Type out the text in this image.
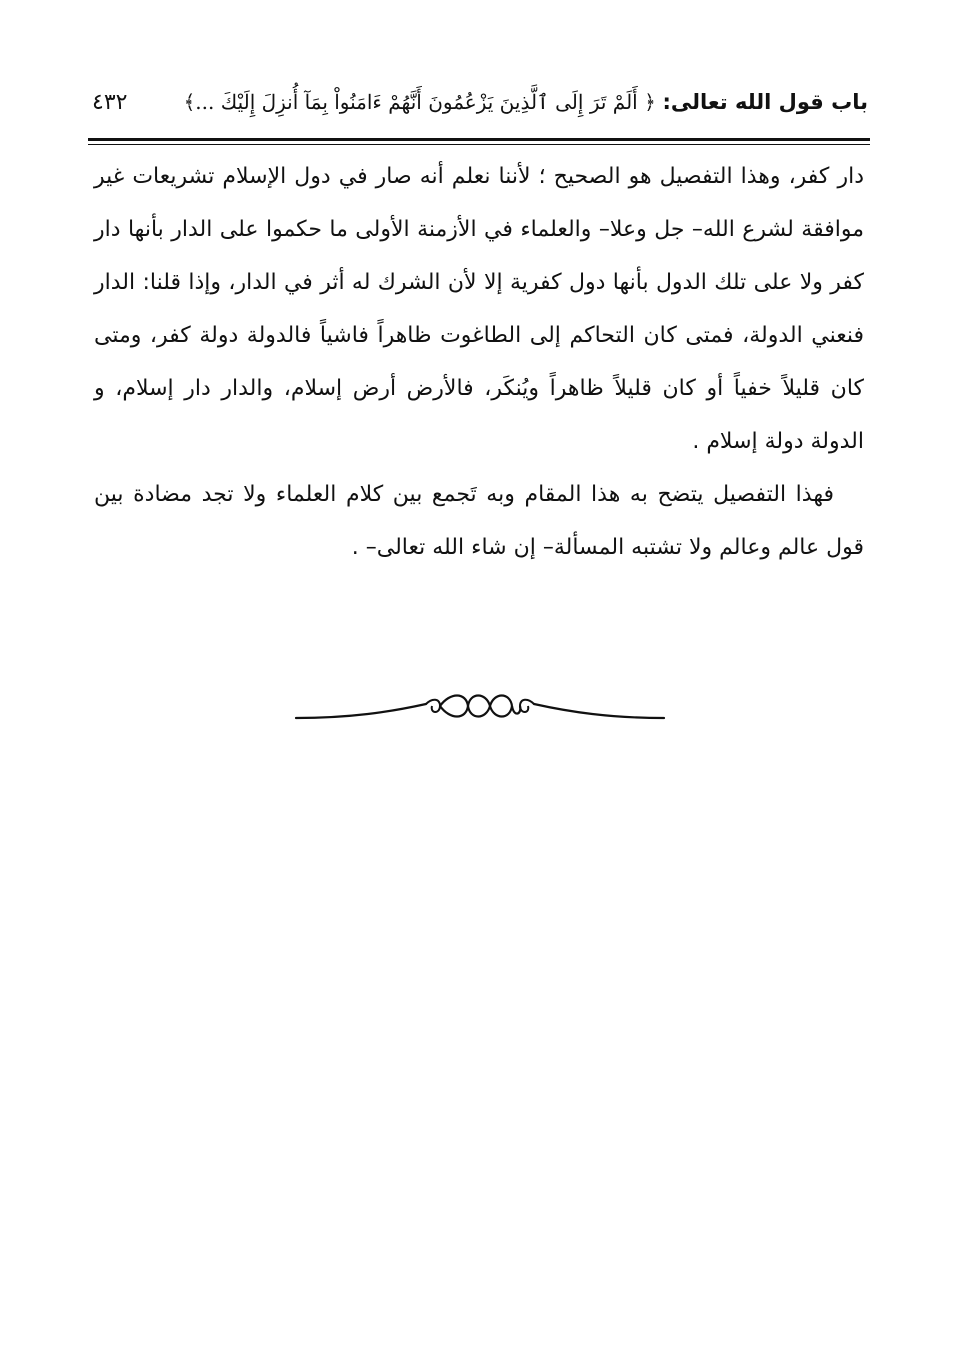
باب قول الله تعالى: ﴿ أَلَمْ تَرَ إِلَى ٱلَّذِينَ يَزْعُمُونَ أَنَّهُمْ ءَامَنُواْ بِمَآ أُنزِلَ إِلَيْكَ ...﴾
٤٣٢

دار كفر، وهذا التفصيل هو الصحيح ؛ لأننا نعلم أنه صار في دول الإسلام تشريعات غير موافقة لشرع الله– جل وعلا– والعلماء في الأزمنة الأولى ما حكموا على الدار بأنها دار كفر ولا على تلك الدول بأنها دول كفرية إلا لأن الشرك له أثر في الدار، وإذا قلنا: الدار فنعني الدولة، فمتى كان التحاكم إلى الطاغوت ظاهراً فاشياً فالدولة دولة كفر، ومتى كان قليلاً خفياً أو كان قليلاً ظاهراً ويُنكَر، فالأرض أرض إسلام، والدار دار إسلام، و الدولة دولة إسلام .

فهذا التفصيل يتضح به هذا المقام وبه تَجمع بين كلام العلماء ولا تجد مضادة بين قول عالم وعالم ولا تشتبه المسألة– إن شاء الله تعالى– .
